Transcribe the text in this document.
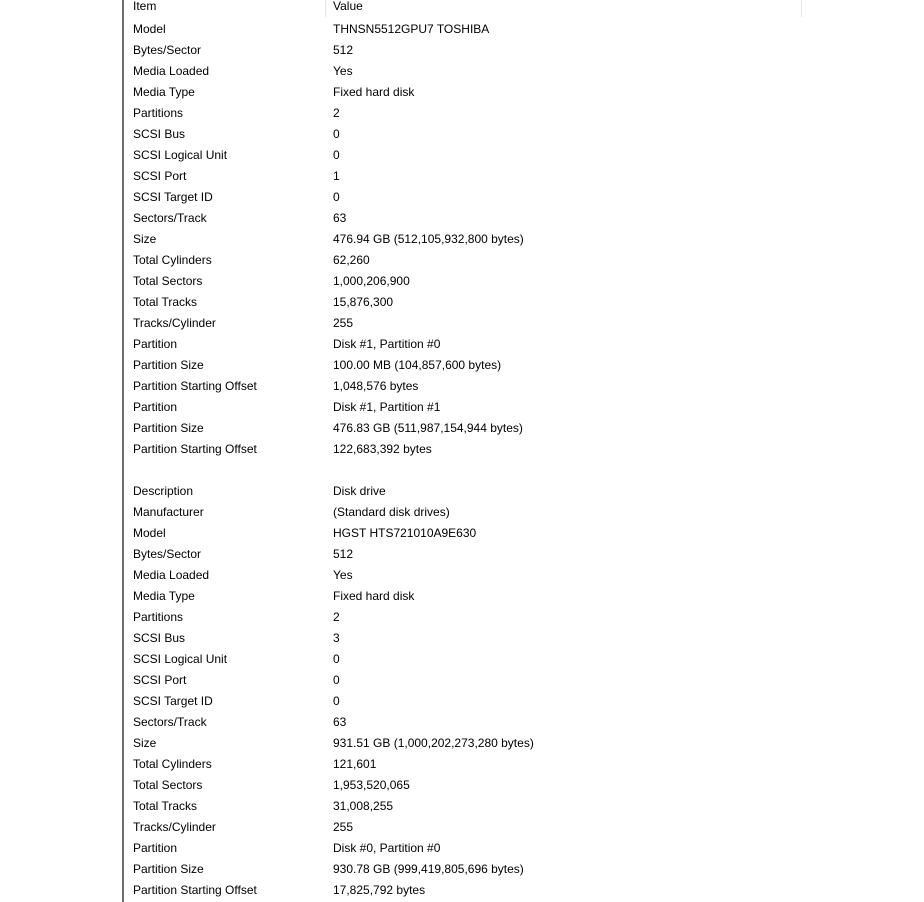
Item	Value
Model	THNSN5512GPU7 TOSHIBA
Bytes/Sector	512
Media Loaded	Yes
Media Type	Fixed hard disk
Partitions	2
SCSI Bus	0
SCSI Logical Unit	0
SCSI Port	1
SCSI Target ID	0
Sectors/Track	63
Size	476.94 GB (512,105,932,800 bytes)
Total Cylinders	62,260
Total Sectors	1,000,206,900
Total Tracks	15,876,300
Tracks/Cylinder	255
Partition	Disk #1, Partition #0
Partition Size	100.00 MB (104,857,600 bytes)
Partition Starting Offset	1,048,576 bytes
Partition	Disk #1, Partition #1
Partition Size	476.83 GB (511,987,154,944 bytes)
Partition Starting Offset	122,683,392 bytes
Description	Disk drive
Manufacturer	(Standard disk drives)
Model	HGST HTS721010A9E630
Bytes/Sector	512
Media Loaded	Yes
Media Type	Fixed hard disk
Partitions	2
SCSI Bus	3
SCSI Logical Unit	0
SCSI Port	0
SCSI Target ID	0
Sectors/Track	63
Size	931.51 GB (1,000,202,273,280 bytes)
Total Cylinders	121,601
Total Sectors	1,953,520,065
Total Tracks	31,008,255
Tracks/Cylinder	255
Partition	Disk #0, Partition #0
Partition Size	930.78 GB (999,419,805,696 bytes)
Partition Starting Offset	17,825,792 bytes
